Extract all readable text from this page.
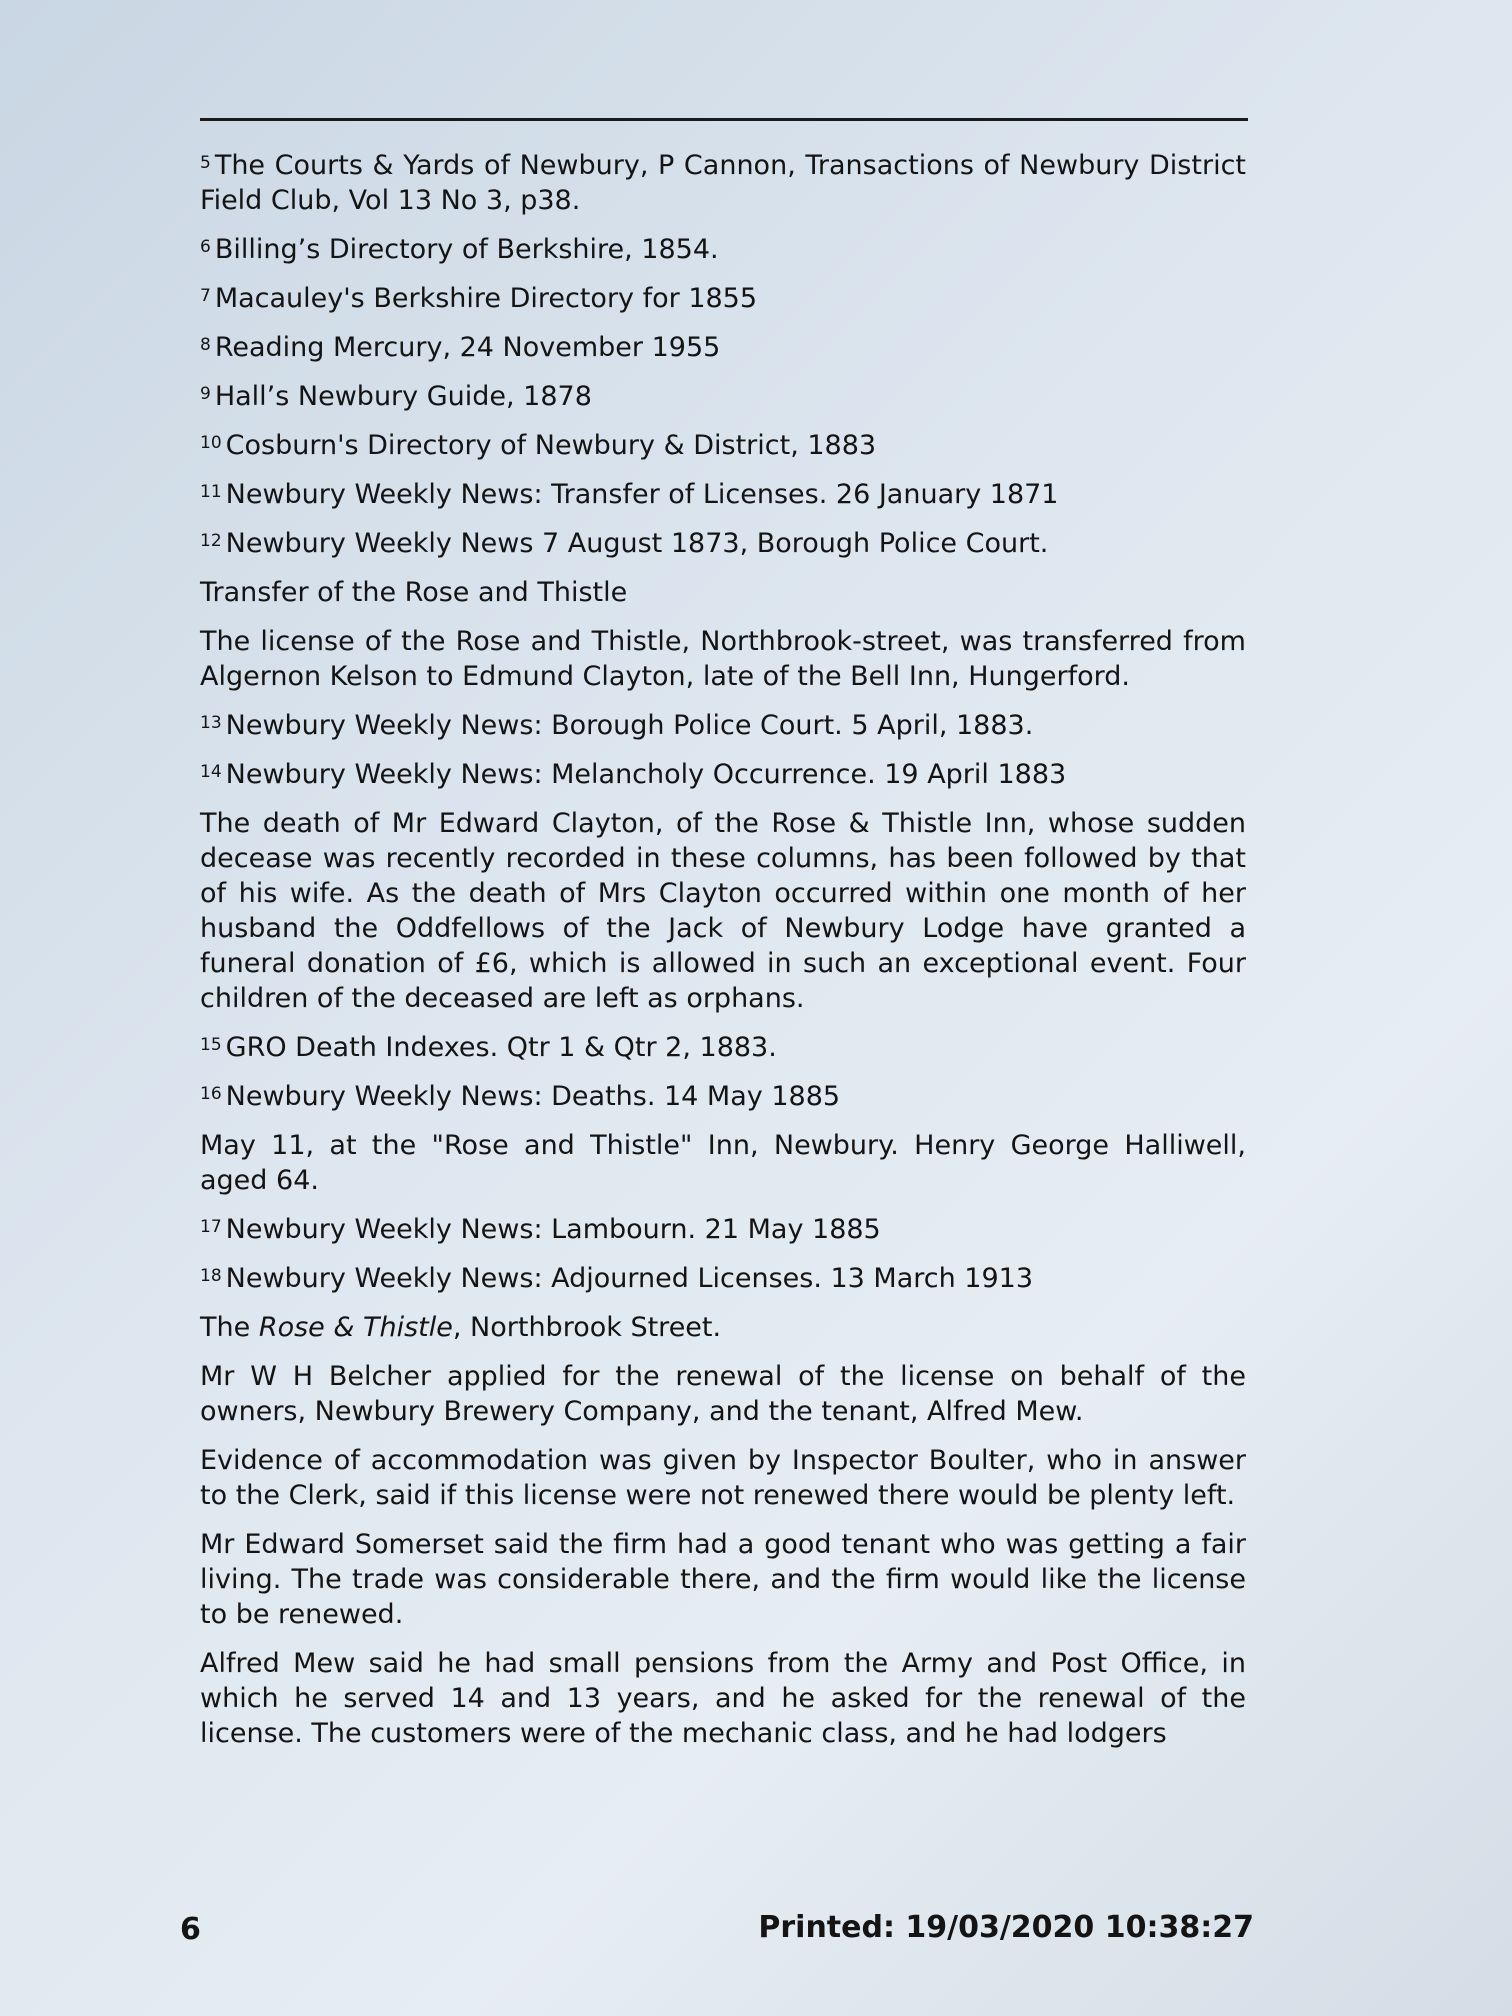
$^5$ The Courts & Yards of Newbury, P Cannon, Transactions of Newbury District Field Club, Vol 13 No 3, p38.

$^6$ Billing’s Directory of Berkshire, 1854.

$^7$ Macauley's Berkshire Directory for 1855

$^8$ Reading Mercury, 24 November 1955

$^9$ Hall’s Newbury Guide, 1878

$^{10}$ Cosburn's Directory of Newbury & District, 1883

$^{11}$ Newbury Weekly News: Transfer of Licenses. 26 January 1871

$^{12}$ Newbury Weekly News 7 August 1873, Borough Police Court.

Transfer of the Rose and Thistle

The license of the Rose and Thistle, Northbrook-street, was transferred from Algernon Kelson to Edmund Clayton, late of the Bell Inn, Hungerford.

$^{13}$ Newbury Weekly News: Borough Police Court. 5 April, 1883.

$^{14}$ Newbury Weekly News: Melancholy Occurrence. 19 April 1883

The death of Mr Edward Clayton, of the Rose & Thistle Inn, whose sudden decease was recently recorded in these columns, has been followed by that of his wife. As the death of Mrs Clayton occurred within one month of her husband the Oddfellows of the Jack of Newbury Lodge have granted a funeral donation of £6, which is allowed in such an exceptional event. Four children of the deceased are left as orphans.

$^{15}$ GRO Death Indexes. Qtr 1 & Qtr 2, 1883.

$^{16}$ Newbury Weekly News: Deaths. 14 May 1885

May 11, at the "Rose and Thistle" Inn, Newbury. Henry George Halliwell, aged 64.

$^{17}$ Newbury Weekly News: Lambourn. 21 May 1885

$^{18}$ Newbury Weekly News: Adjourned Licenses. 13 March 1913

The Rose & Thistle, Northbrook Street.

Mr W H Belcher applied for the renewal of the license on behalf of the owners, Newbury Brewery Company, and the tenant, Alfred Mew.

Evidence of accommodation was given by Inspector Boulter, who in answer to the Clerk, said if this license were not renewed there would be plenty left.

Mr Edward Somerset said the firm had a good tenant who was getting a fair living. The trade was considerable there, and the firm would like the license to be renewed.

Alfred Mew said he had small pensions from the Army and Post Office, in which he served 14 and 13 years, and he asked for the renewal of the license. The customers were of the mechanic class, and he had lodgers

6	Printed: 19/03/2020 10:38:27
